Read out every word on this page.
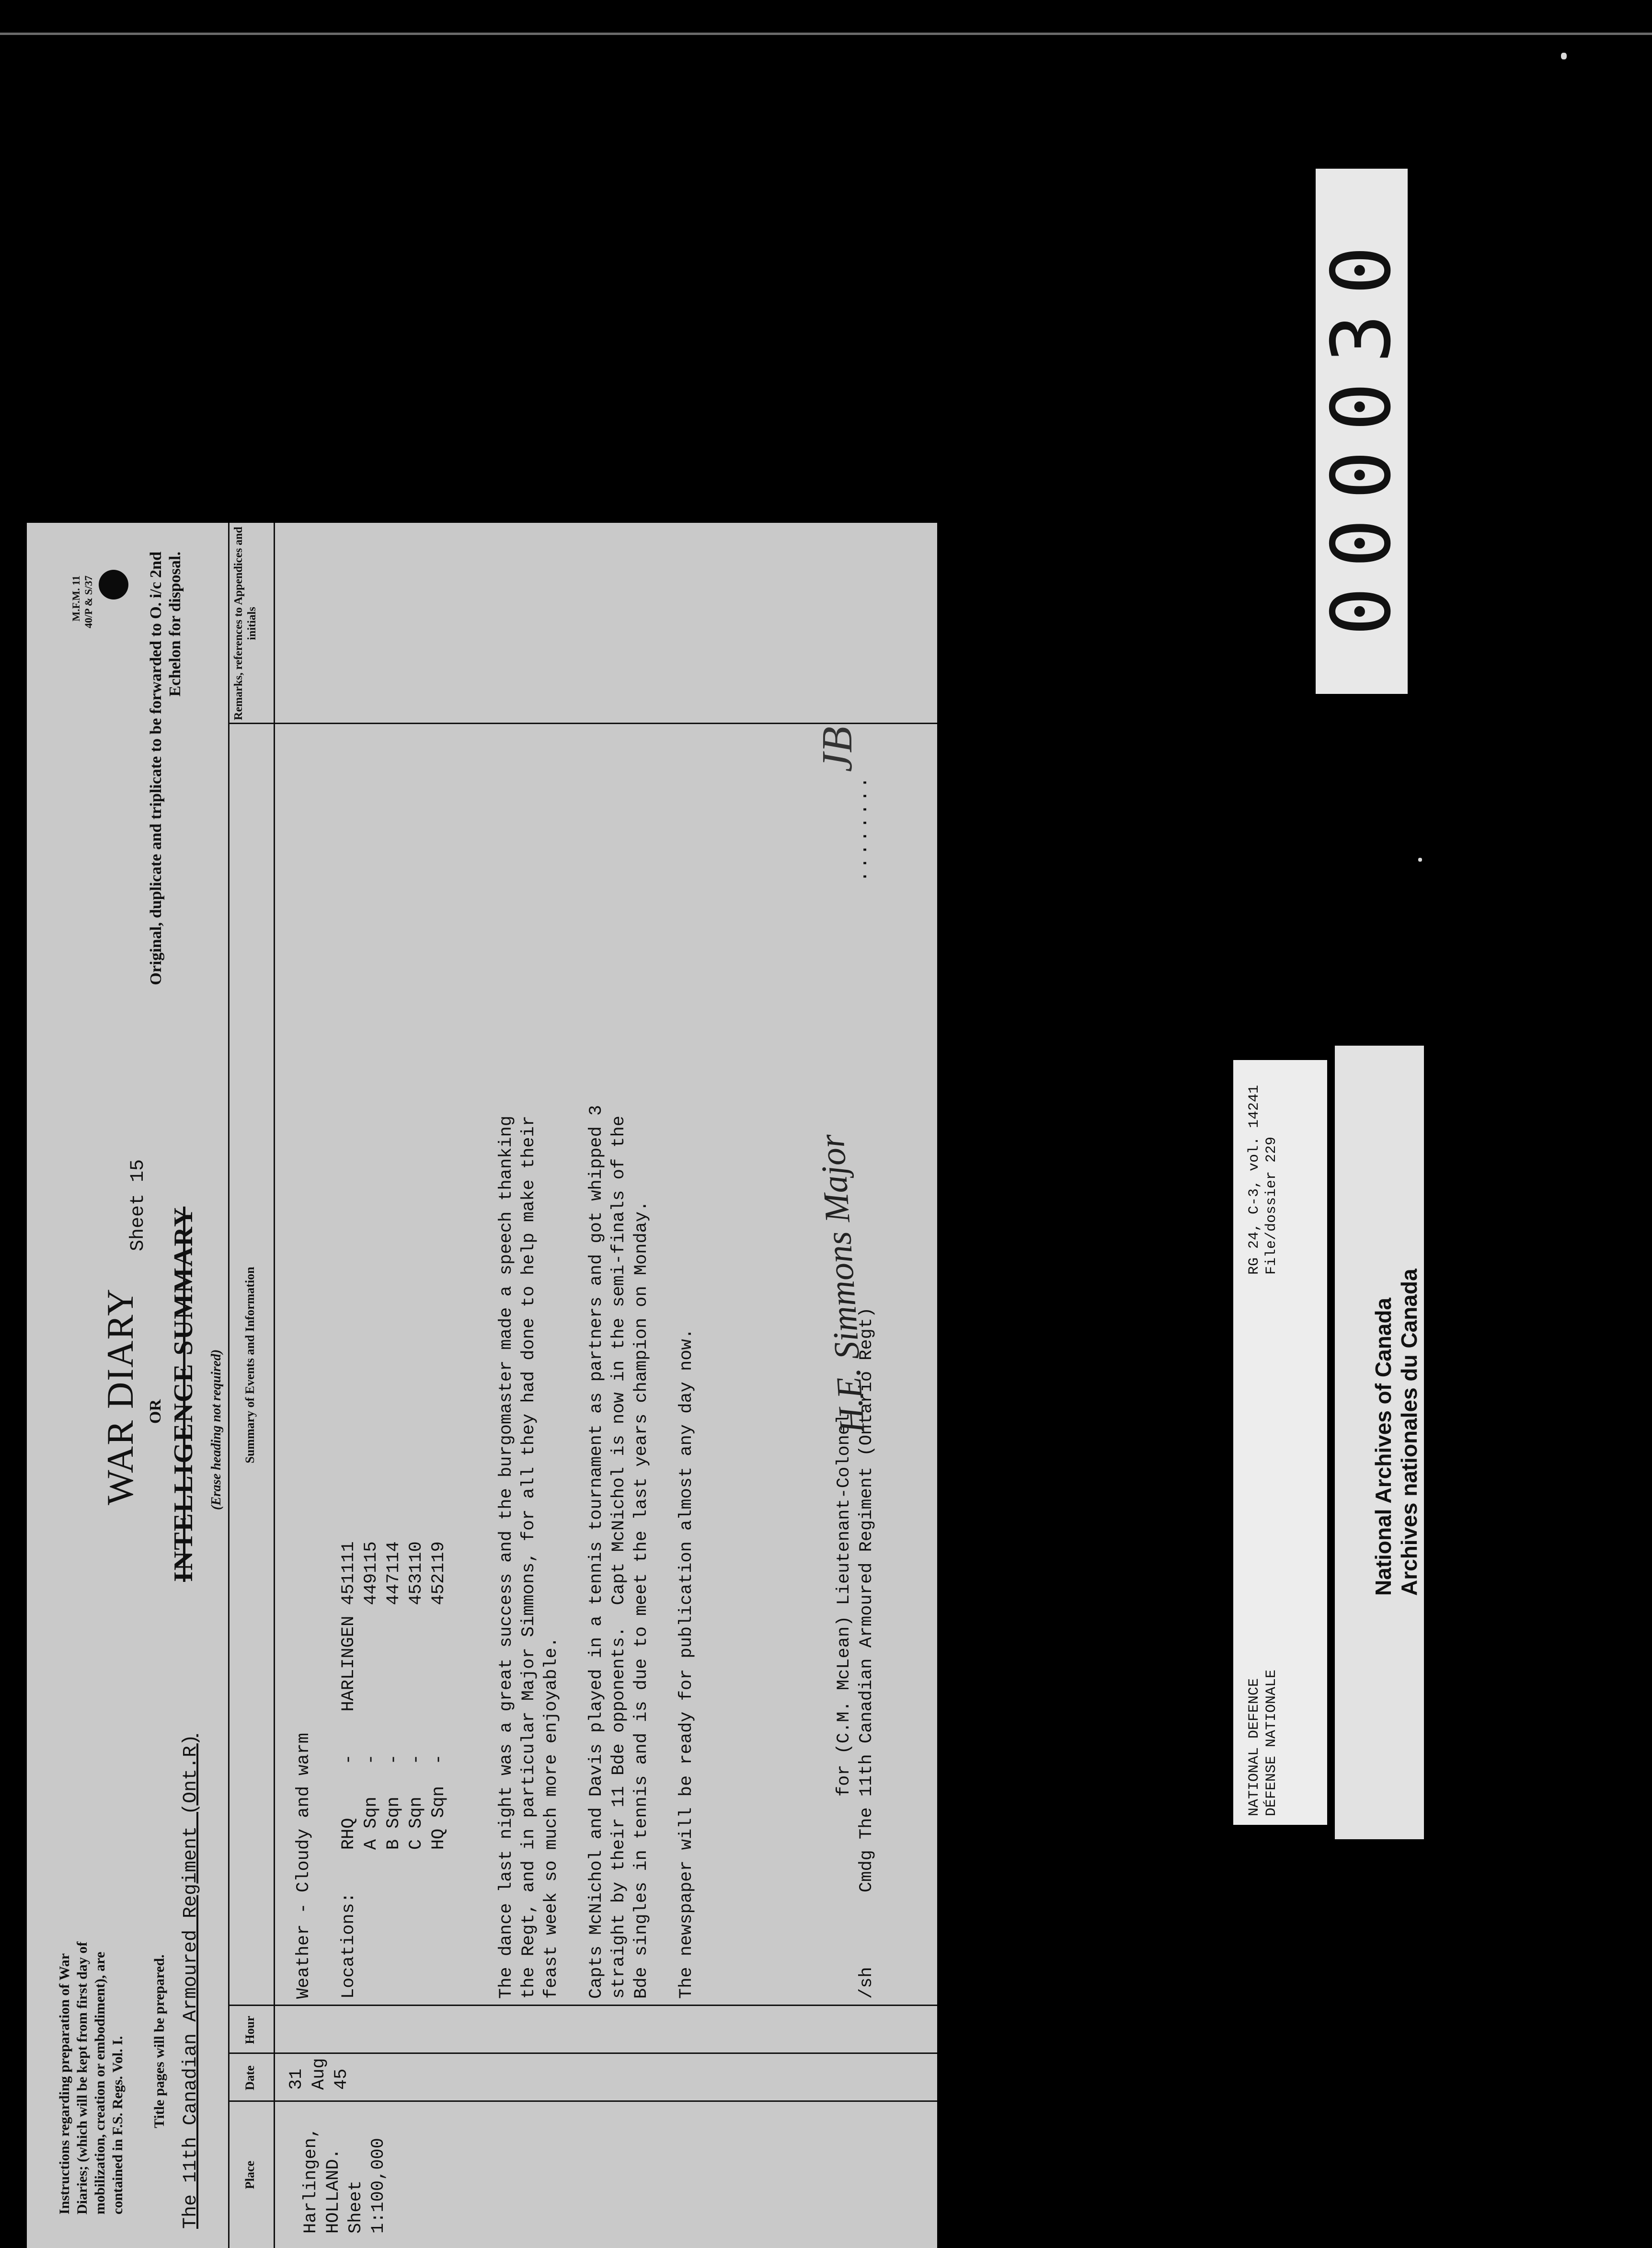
Instructions regarding preparation of War Diaries; (which will be kept from first day of mobilization, creation or embodiment), are contained in F.S. Regs. Vol. I. Title pages will be prepared. The 11th Canadian Armoured Regiment (Ont.R)
WAR DIARY OR INTELLIGENCE SUMMARY (Erase heading not required)
Sheet 15
M.F.M. 11
40/P & S/37	Original, duplicate and triplicate to be forwarded to O. i/c 2nd Echelon for disposal.
Place
Date
Hour
Summary of Events and Information
Remarks, references to Appendices and initials
Harlingen,
HOLLAND.
Sheet
1:100,000
31
Aug
45
Weather - Cloudy and warm

Locations:    RHQ     -    HARLINGEN 451111
A Sqn   -              449115
B Sqn   -              447114
C Sqn   -              453110
HQ Sqn  -              452119

The dance last night was a great success and the burgomaster made a speech thanking
the Regt, and in particular Major Simmons, for all they had done to help make their
feast week so much more enjoyable.

Capts McNichol and Davis played in a tennis tournament as partners and got whipped 3
straight by their 11 Bde opponents.  Capt McNichol is now in the semi-finals of the
Bde singles in tennis and is due to meet the last years champion on Monday.

The newspaper will be ready for publication almost any day now.

for (C.M. McLean) Lieutenant-Colonel
/sh       Cmdg The 11th Canadian Armoured Regiment (Ontario Regt)
H.E. Simmons Major
........
JB
000030
NATIONAL DEFENCE
DÉFENSE NATIONALE
RG 24, C-3, vol. 14241
File/dossier 229
National Archives of Canada
Archives nationales du Canada
